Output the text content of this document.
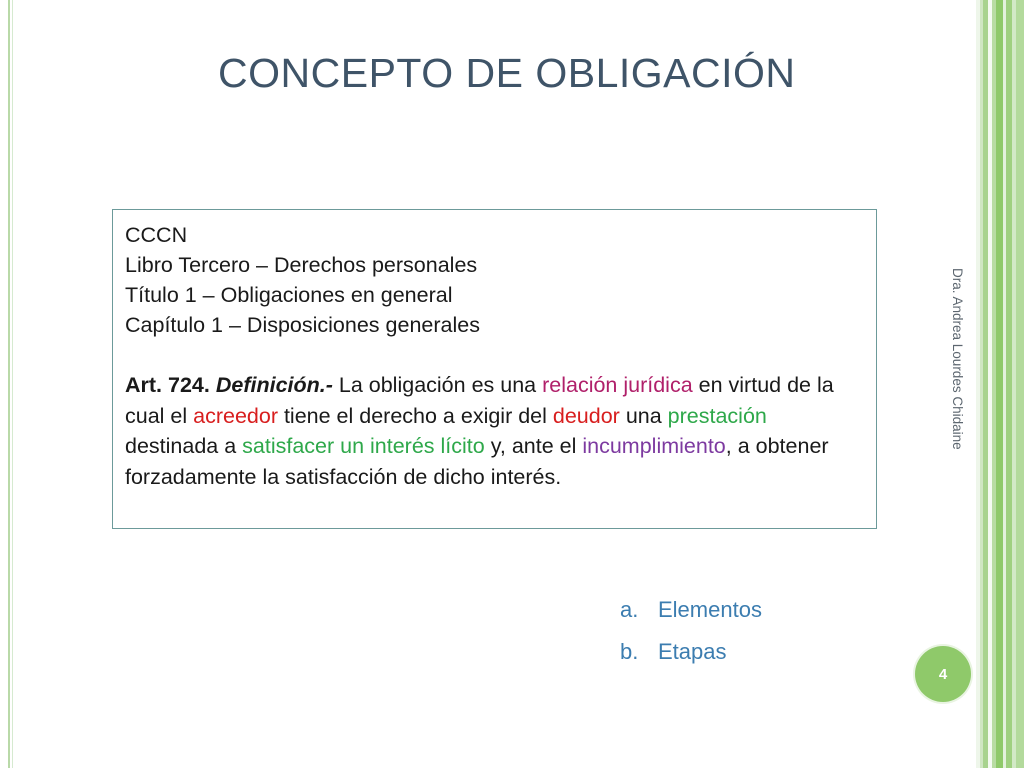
CONCEPTO DE OBLIGACIÓN
CCCN
Libro Tercero – Derechos personales
Título 1 – Obligaciones en general
Capítulo 1 – Disposiciones generales
Art. 724. Definición.- La obligación es una relación jurídica en virtud de la cual el acreedor tiene el derecho a exigir del deudor una prestación destinada a satisfacer un interés lícito y, ante el incumplimiento, a obtener forzadamente la satisfacción de dicho interés.
Dra. Andrea Lourdes Chidaine
a. Elementos
b. Etapas
4
